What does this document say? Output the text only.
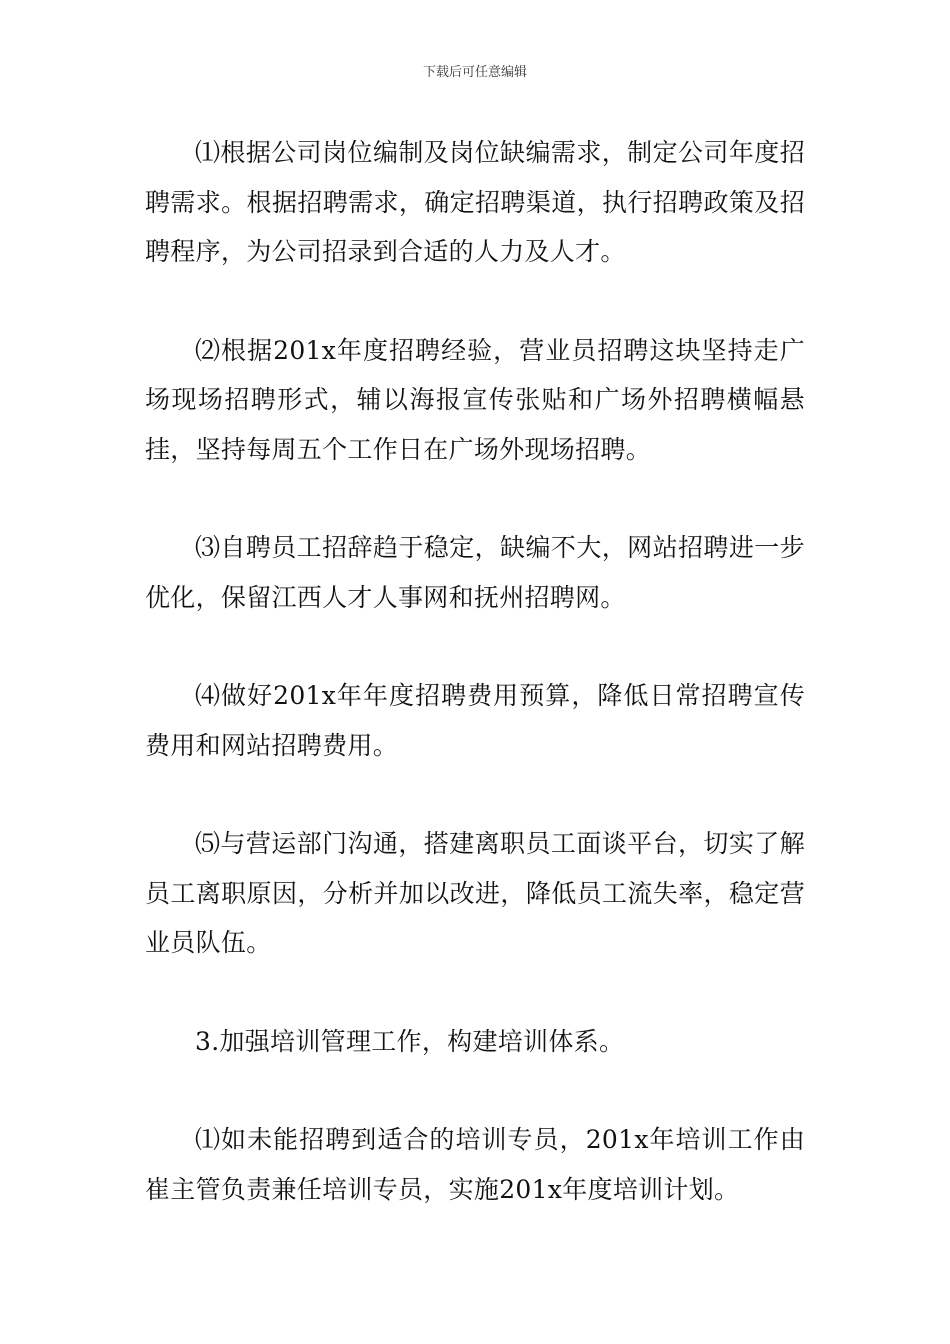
下载后可任意编辑

⑴根据公司岗位编制及岗位缺编需求，制定公司年度招聘需求。根据招聘需求，确定招聘渠道，执行招聘政策及招聘程序，为公司招录到合适的人力及人才。

⑵根据201x年度招聘经验，营业员招聘这块坚持走广场现场招聘形式，辅以海报宣传张贴和广场外招聘横幅悬挂，坚持每周五个工作日在广场外现场招聘。

⑶自聘员工招辞趋于稳定，缺编不大，网站招聘进一步优化，保留江西人才人事网和抚州招聘网。

⑷做好201x年年度招聘费用预算，降低日常招聘宣传费用和网站招聘费用。

⑸与营运部门沟通，搭建离职员工面谈平台，切实了解员工离职原因，分析并加以改进，降低员工流失率，稳定营业员队伍。

3.加强培训管理工作，构建培训体系。

⑴如未能招聘到适合的培训专员，201x年培训工作由崔主管负责兼任培训专员，实施201x年度培训计划。
